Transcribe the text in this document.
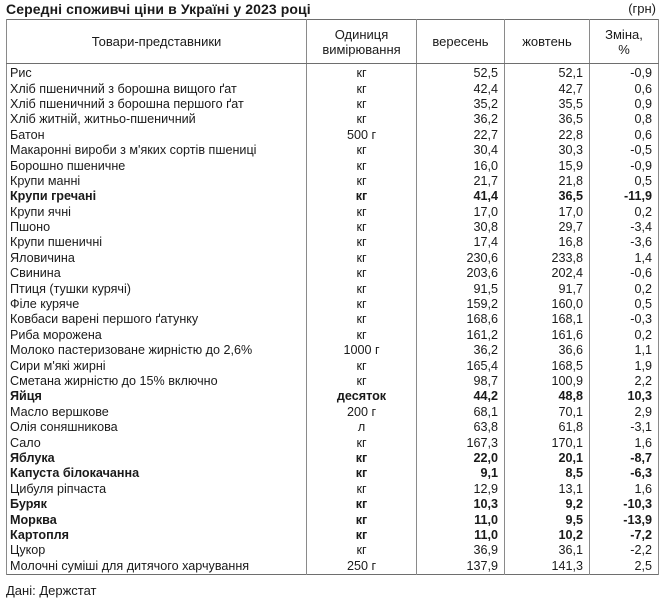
Середні споживчі ціни в Україні у 2023 році	(грн)
Товари-представники	Одиниця вимірювання	вересень	жовтень	Зміна, %
Рис	кг	52,5	52,1	-0,9
Хліб пшеничний з борошна вищого ґат	кг	42,4	42,7	0,6
Хліб пшеничний з борошна першого ґат	кг	35,2	35,5	0,9
Хліб житній, житньо-пшеничний	кг	36,2	36,5	0,8
Батон	500 г	22,7	22,8	0,6
Макаронні вироби з м'яких сортів пшениці	кг	30,4	30,3	-0,5
Борошно пшеничне	кг	16,0	15,9	-0,9
Крупи манні	кг	21,7	21,8	0,5
Крупи гречані	кг	41,4	36,5	-11,9
Крупи ячні	кг	17,0	17,0	0,2
Пшоно	кг	30,8	29,7	-3,4
Крупи пшеничні	кг	17,4	16,8	-3,6
Яловичина	кг	230,6	233,8	1,4
Свинина	кг	203,6	202,4	-0,6
Птиця (тушки курячі)	кг	91,5	91,7	0,2
Філе куряче	кг	159,2	160,0	0,5
Ковбаси варені першого ґатунку	кг	168,6	168,1	-0,3
Риба морожена	кг	161,2	161,6	0,2
Молоко пастеризоване жирністю до 2,6%	1000 г	36,2	36,6	1,1
Сири м'які жирні	кг	165,4	168,5	1,9
Сметана жирністю до 15% включно	кг	98,7	100,9	2,2
Яйця	десяток	44,2	48,8	10,3
Масло вершкове	200 г	68,1	70,1	2,9
Олія соняшникова	л	63,8	61,8	-3,1
Сало	кг	167,3	170,1	1,6
Яблука	кг	22,0	20,1	-8,7
Капуста білокачанна	кг	9,1	8,5	-6,3
Цибуля ріпчаста	кг	12,9	13,1	1,6
Буряк	кг	10,3	9,2	-10,3
Морква	кг	11,0	9,5	-13,9
Картопля	кг	11,0	10,2	-7,2
Цукор	кг	36,9	36,1	-2,2
Молочні суміші для дитячого харчування	250 г	137,9	141,3	2,5
Дані: Держстат
